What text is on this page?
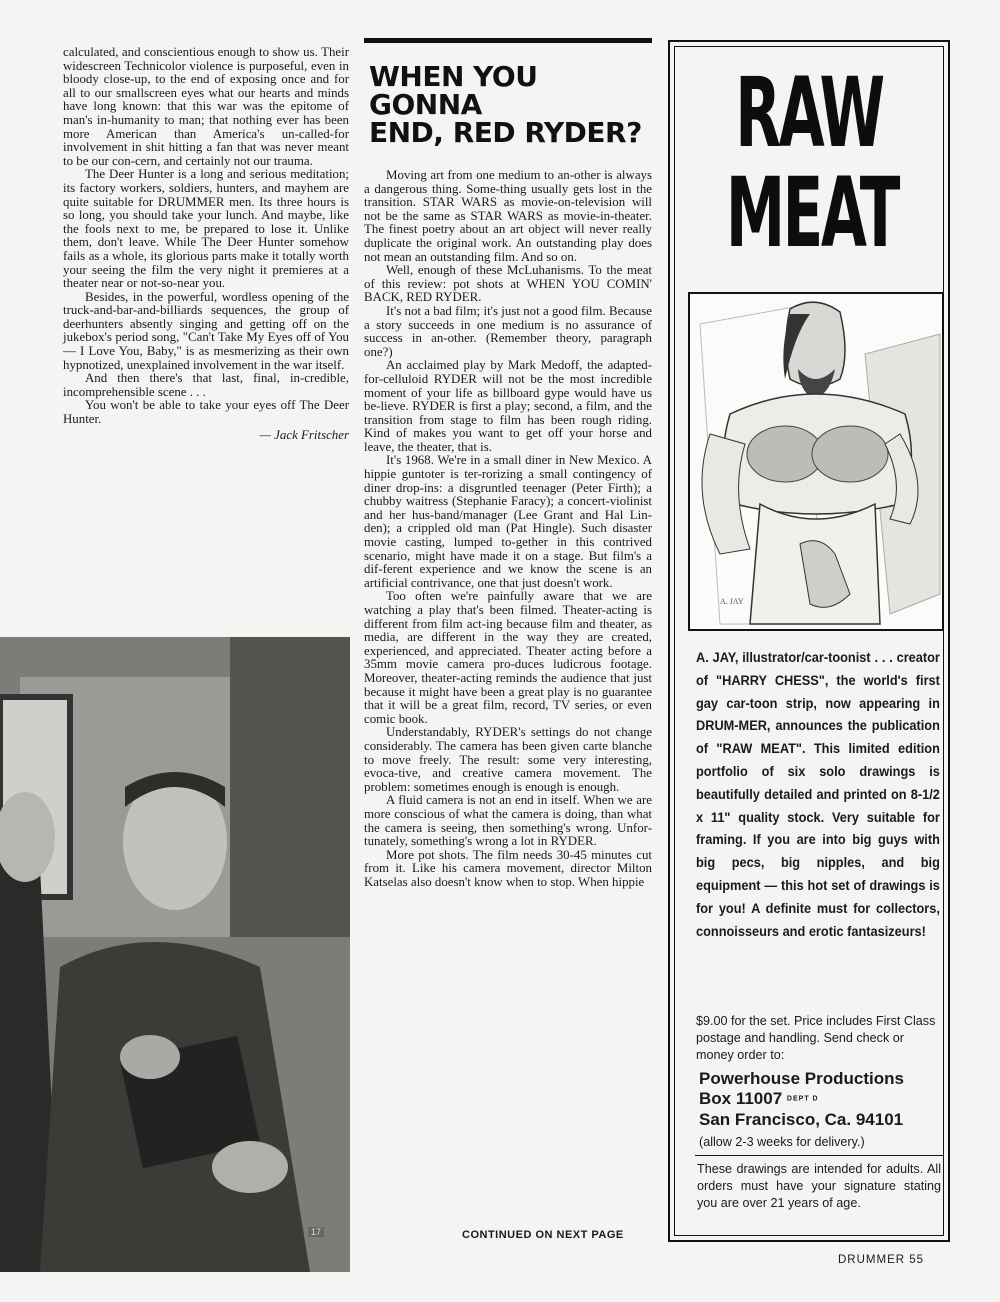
calculated, and conscientious enough to show us. Their widescreen Technicolor violence is purposeful, even in bloody close-up, to the end of exposing once and for all to our smallscreen eyes what our hearts and minds have long known: that this war was the epitome of man's in-humanity to man; that nothing ever has been more American than America's un-called-for involvement in shit hitting a fan that was never meant to be our con-cern, and certainly not our trauma.

The Deer Hunter is a long and serious meditation; its factory workers, soldiers, hunters, and mayhem are quite suitable for DRUMMER men. Its three hours is so long, you should take your lunch. And maybe, like the fools next to me, be prepared to lose it. Unlike them, don't leave. While The Deer Hunter somehow fails as a whole, its glorious parts make it totally worth your seeing the film the very night it premieres at a theater near or not-so-near you.

Besides, in the powerful, wordless opening of the truck-and-bar-and-billiards sequences, the group of deerhunters absently singing and getting off on the jukebox's period song, "Can't Take My Eyes off of You — I Love You, Baby," is as mesmerizing as their own hypnotized, unexplained involvement in the war itself.

And then there's that last, final, in-credible, incomprehensible scene . . .

You won't be able to take your eyes off The Deer Hunter.

— Jack Fritscher
17
WHEN YOU GONNA
END, RED RYDER?

Moving art from one medium to an-other is always a dangerous thing. Some-thing usually gets lost in the transition. STAR WARS as movie-on-television will not be the same as STAR WARS as movie-in-theater. The finest poetry about an art object will never really duplicate the original work. An outstanding play does not mean an outstanding film. And so on.

Well, enough of these McLuhanisms. To the meat of this review: pot shots at WHEN YOU COMIN' BACK, RED RYDER.

It's not a bad film; it's just not a good film. Because a story succeeds in one medium is no assurance of success in an-other. (Remember theory, paragraph one?)

An acclaimed play by Mark Medoff, the adapted-for-celluloid RYDER will not be the most incredible moment of your life as billboard gype would have us be-lieve. RYDER is first a play; second, a film, and the transition from stage to film has been rough riding. Kind of makes you want to get off your horse and leave, the theater, that is.

It's 1968. We're in a small diner in New Mexico. A hippie guntoter is ter-rorizing a small contingency of diner drop-ins: a disgruntled teenager (Peter Firth); a chubby waitress (Stephanie Faracy); a concert-violinist and her hus-band/manager (Lee Grant and Hal Lin-den); a crippled old man (Pat Hingle). Such disaster movie casting, lumped to-gether in this contrived scenario, might have made it on a stage. But film's a dif-ferent experience and we know the scene is an artificial contrivance, one that just doesn't work.

Too often we're painfully aware that we are watching a play that's been filmed. Theater-acting is different from film act-ing because film and theater, as media, are different in the way they are created, experienced, and appreciated. Theater acting before a 35mm movie camera pro-duces ludicrous footage. Moreover, theater-acting reminds the audience that just because it might have been a great play is no guarantee that it will be a great film, record, TV series, or even comic book.

Understandably, RYDER's settings do not change considerably. The camera has been given carte blanche to move freely. The result: some very interesting, evoca-tive, and creative camera movement. The problem: sometimes enough is enough is enough.

A fluid camera is not an end in itself. When we are more conscious of what the camera is doing, than what the camera is seeing, then something's wrong. Unfor-tunately, something's wrong a lot in RYDER.

More pot shots. The film needs 30-45 minutes cut from it. Like his camera movement, director Milton Katselas also doesn't know when to stop. When hippie

CONTINUED ON NEXT PAGE
RAW
MEAT
A. JAY
A. JAY, illustrator/car-toonist . . . creator of "HARRY CHESS", the world's first gay car-toon strip, now appearing in DRUM-MER, announces the publication of "RAW MEAT". This limited edition portfolio of six solo drawings is beautifully detailed and printed on 8-1/2 x 11" quality stock. Very suitable for framing. If you are into big guys with big pecs, big nipples, and big equipment — this hot set of drawings is for you! A definite must for collectors, connoisseurs and erotic fantasizeurs!
$9.00 for the set. Price includes First Class postage and handling. Send check or money order to:
Powerhouse Productions
Box 11007 DEPT D
San Francisco, Ca. 94101
(allow 2-3 weeks for delivery.)
These drawings are intended for adults. All orders must have your signature stating you are over 21 years of age.
DRUMMER 55
